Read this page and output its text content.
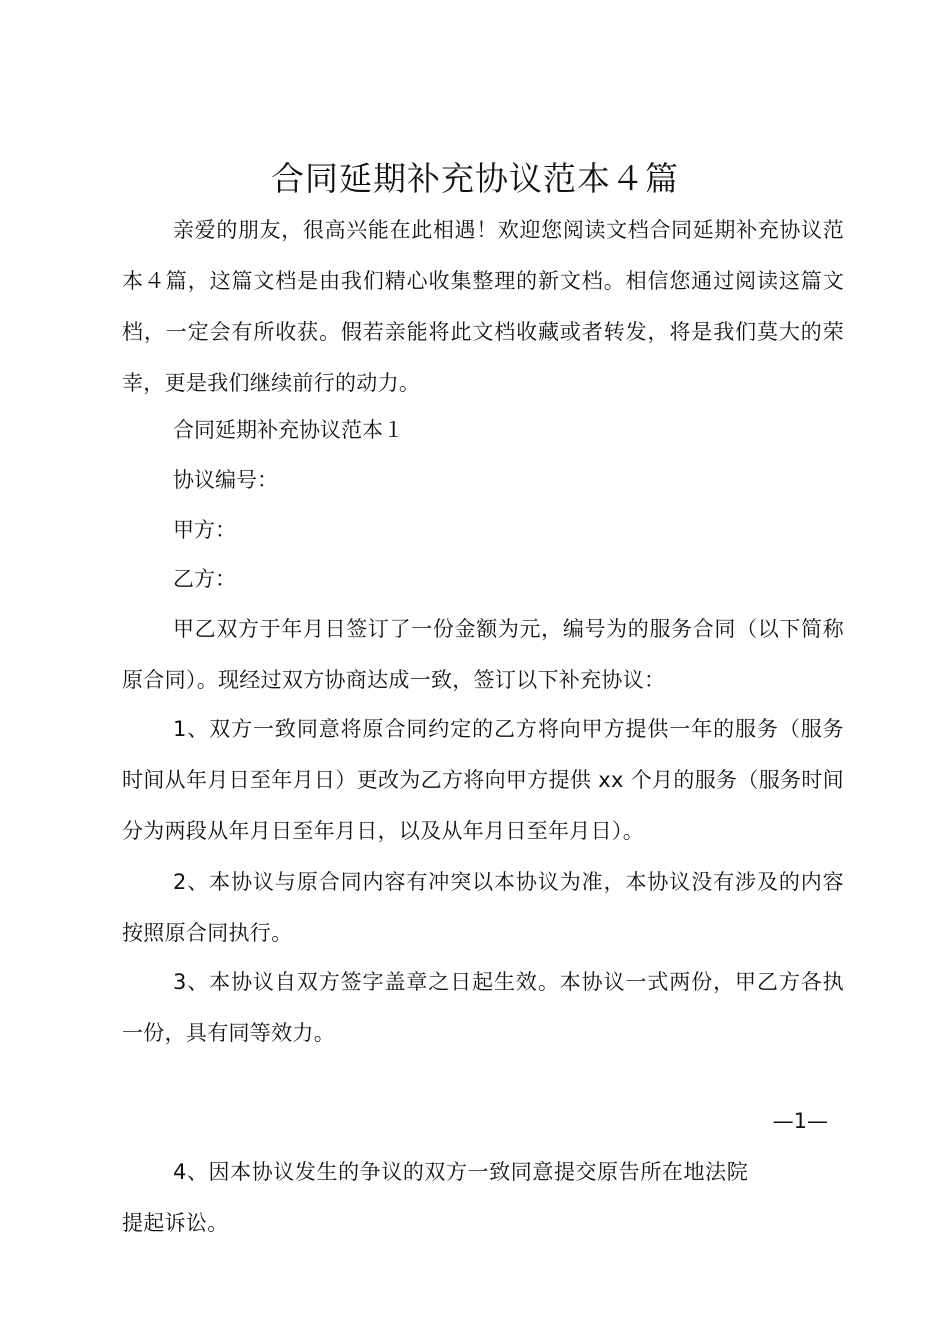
合同延期补充协议范本４篇
亲爱的朋友，很高兴能在此相遇！欢迎您阅读文档合同延期补充协议范本４篇，这篇文档是由我们精心收集整理的新文档。相信您通过阅读这篇文档，一定会有所收获。假若亲能将此文档收藏或者转发，将是我们莫大的荣幸，更是我们继续前行的动力。
合同延期补充协议范本１
协议编号：
甲方：
乙方：
甲乙双方于年月日签订了一份金额为元，编号为的服务合同（以下简称原合同）。现经过双方协商达成一致，签订以下补充协议：
1、双方一致同意将原合同约定的乙方将向甲方提供一年的服务（服务时间从年月日至年月日）更改为乙方将向甲方提供 xx 个月的服务（服务时间分为两段从年月日至年月日，以及从年月日至年月日）。
2、本协议与原合同内容有冲突以本协议为准，本协议没有涉及的内容按照原合同执行。
3、本协议自双方签字盖章之日起生效。本协议一式两份，甲乙方各执一份，具有同等效力。
—1—
4、因本协议发生的争议的双方一致同意提交原告所在地法院提起诉讼。
